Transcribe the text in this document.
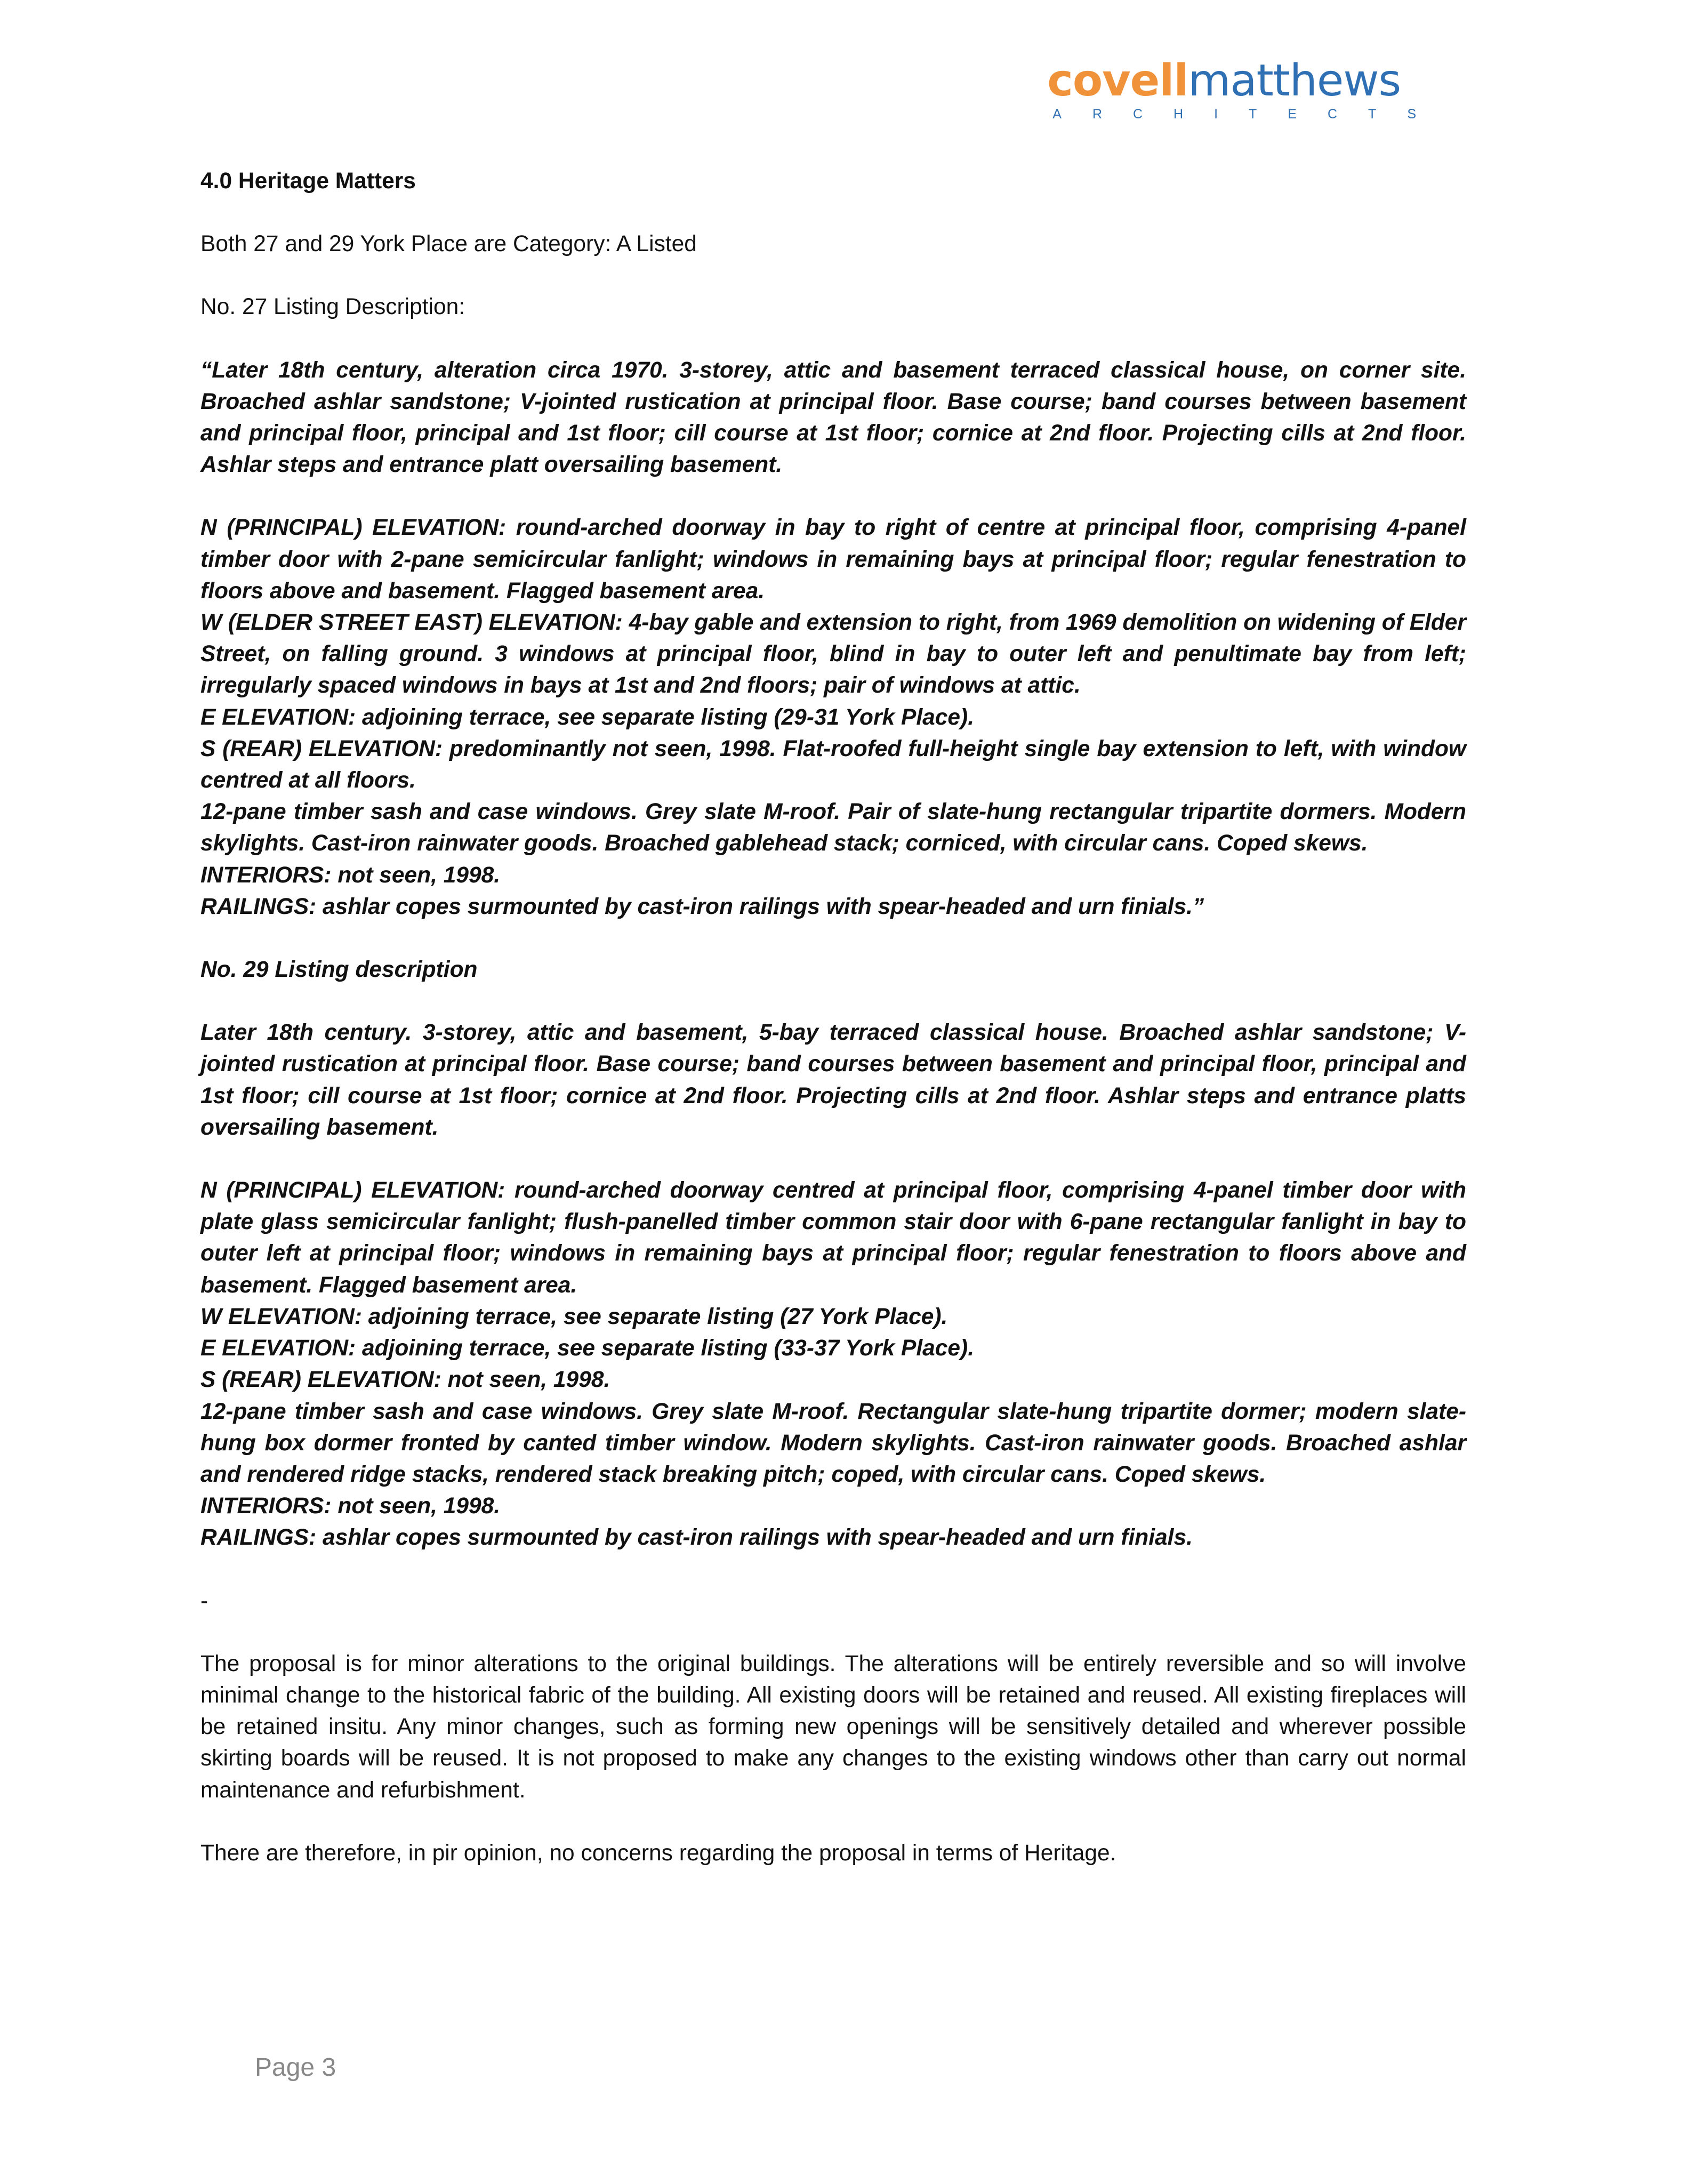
covellmatthews
ARCHITECTS

4.0 Heritage Matters

Both 27 and 29 York Place are Category: A Listed

No. 27 Listing Description:

“Later 18th century, alteration circa 1970. 3-storey, attic and basement terraced classical house, on corner site. Broached ashlar sandstone; V-jointed rustication at principal floor. Base course; band courses between basement and principal floor, principal and 1st floor; cill course at 1st floor; cornice at 2nd floor. Projecting cills at 2nd floor. Ashlar steps and entrance platt oversailing basement.

N (PRINCIPAL) ELEVATION: round-arched doorway in bay to right of centre at principal floor, comprising 4-panel timber door with 2-pane semicircular fanlight; windows in remaining bays at principal floor; regular fenestration to floors above and basement. Flagged basement area.
W (ELDER STREET EAST) ELEVATION: 4-bay gable and extension to right, from 1969 demolition on widening of Elder Street, on falling ground. 3 windows at principal floor, blind in bay to outer left and penultimate bay from left; irregularly spaced windows in bays at 1st and 2nd floors; pair of windows at attic.
E ELEVATION: adjoining terrace, see separate listing (29-31 York Place).
S (REAR) ELEVATION: predominantly not seen, 1998. Flat-roofed full-height single bay extension to left, with window centred at all floors.
12-pane timber sash and case windows. Grey slate M-roof. Pair of slate-hung rectangular tripartite dormers. Modern skylights. Cast-iron rainwater goods. Broached gablehead stack; corniced, with circular cans. Coped skews.
INTERIORS: not seen, 1998.
RAILINGS: ashlar copes surmounted by cast-iron railings with spear-headed and urn finials.”

No. 29 Listing description

Later 18th century. 3-storey, attic and basement, 5-bay terraced classical house. Broached ashlar sandstone; V-jointed rustication at principal floor. Base course; band courses between basement and principal floor, principal and 1st floor; cill course at 1st floor; cornice at 2nd floor. Projecting cills at 2nd floor. Ashlar steps and entrance platts oversailing basement.

N (PRINCIPAL) ELEVATION: round-arched doorway centred at principal floor, comprising 4-panel timber door with plate glass semicircular fanlight; flush-panelled timber common stair door with 6-pane rectangular fanlight in bay to outer left at principal floor; windows in remaining bays at principal floor; regular fenestration to floors above and basement. Flagged basement area.
W ELEVATION: adjoining terrace, see separate listing (27 York Place).
E ELEVATION: adjoining terrace, see separate listing (33-37 York Place).
S (REAR) ELEVATION: not seen, 1998.
12-pane timber sash and case windows. Grey slate M-roof. Rectangular slate-hung tripartite dormer; modern slate-hung box dormer fronted by canted timber window. Modern skylights. Cast-iron rainwater goods. Broached ashlar and rendered ridge stacks, rendered stack breaking pitch; coped, with circular cans. Coped skews.
INTERIORS: not seen, 1998.
RAILINGS: ashlar copes surmounted by cast-iron railings with spear-headed and urn finials.

-

The proposal is for minor alterations to the original buildings. The alterations will be entirely reversible and so will involve minimal change to the historical fabric of the building. All existing doors will be retained and reused. All existing fireplaces will be retained insitu. Any minor changes, such as forming new openings will be sensitively detailed and wherever possible skirting boards will be reused. It is not proposed to make any changes to the existing windows other than carry out normal maintenance and refurbishment.

There are therefore, in pir opinion, no concerns regarding the proposal in terms of Heritage.

Page 3
